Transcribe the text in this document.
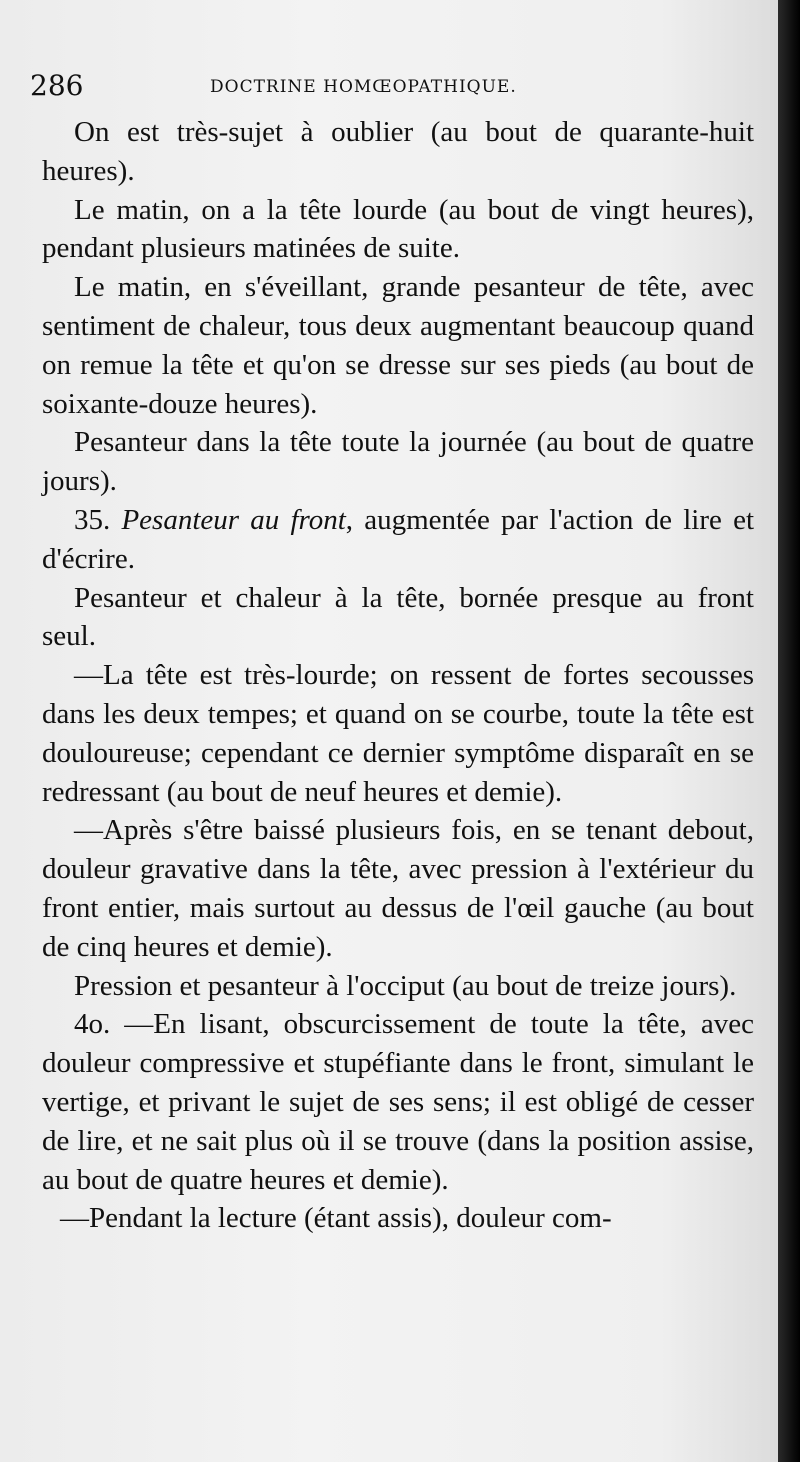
286	DOCTRINE HOMŒOPATHIQUE.

On est très-sujet à oublier (au bout de quarante-huit heures).

Le matin, on a la tête lourde (au bout de vingt heures), pendant plusieurs matinées de suite.

Le matin, en s'éveillant, grande pesanteur de tête, avec sentiment de chaleur, tous deux augmentant beaucoup quand on remue la tête et qu'on se dresse sur ses pieds (au bout de soixante-douze heures).

Pesanteur dans la tête toute la journée (au bout de quatre jours).

35. Pesanteur au front, augmentée par l'action de lire et d'écrire.

Pesanteur et chaleur à la tête, bornée presque au front seul.

—La tête est très-lourde; on ressent de fortes secousses dans les deux tempes; et quand on se courbe, toute la tête est douloureuse; cependant ce dernier symptôme disparaît en se redressant (au bout de neuf heures et demie).

—Après s'être baissé plusieurs fois, en se tenant debout, douleur gravative dans la tête, avec pression à l'extérieur du front entier, mais surtout au dessus de l'œil gauche (au bout de cinq heures et demie).

Pression et pesanteur à l'occiput (au bout de treize jours).

4o. —En lisant, obscurcissement de toute la tête, avec douleur compressive et stupéfiante dans le front, simulant le vertige, et privant le sujet de ses sens; il est obligé de cesser de lire, et ne sait plus où il se trouve (dans la position assise, au bout de quatre heures et demie).

—Pendant la lecture (étant assis), douleur com-
